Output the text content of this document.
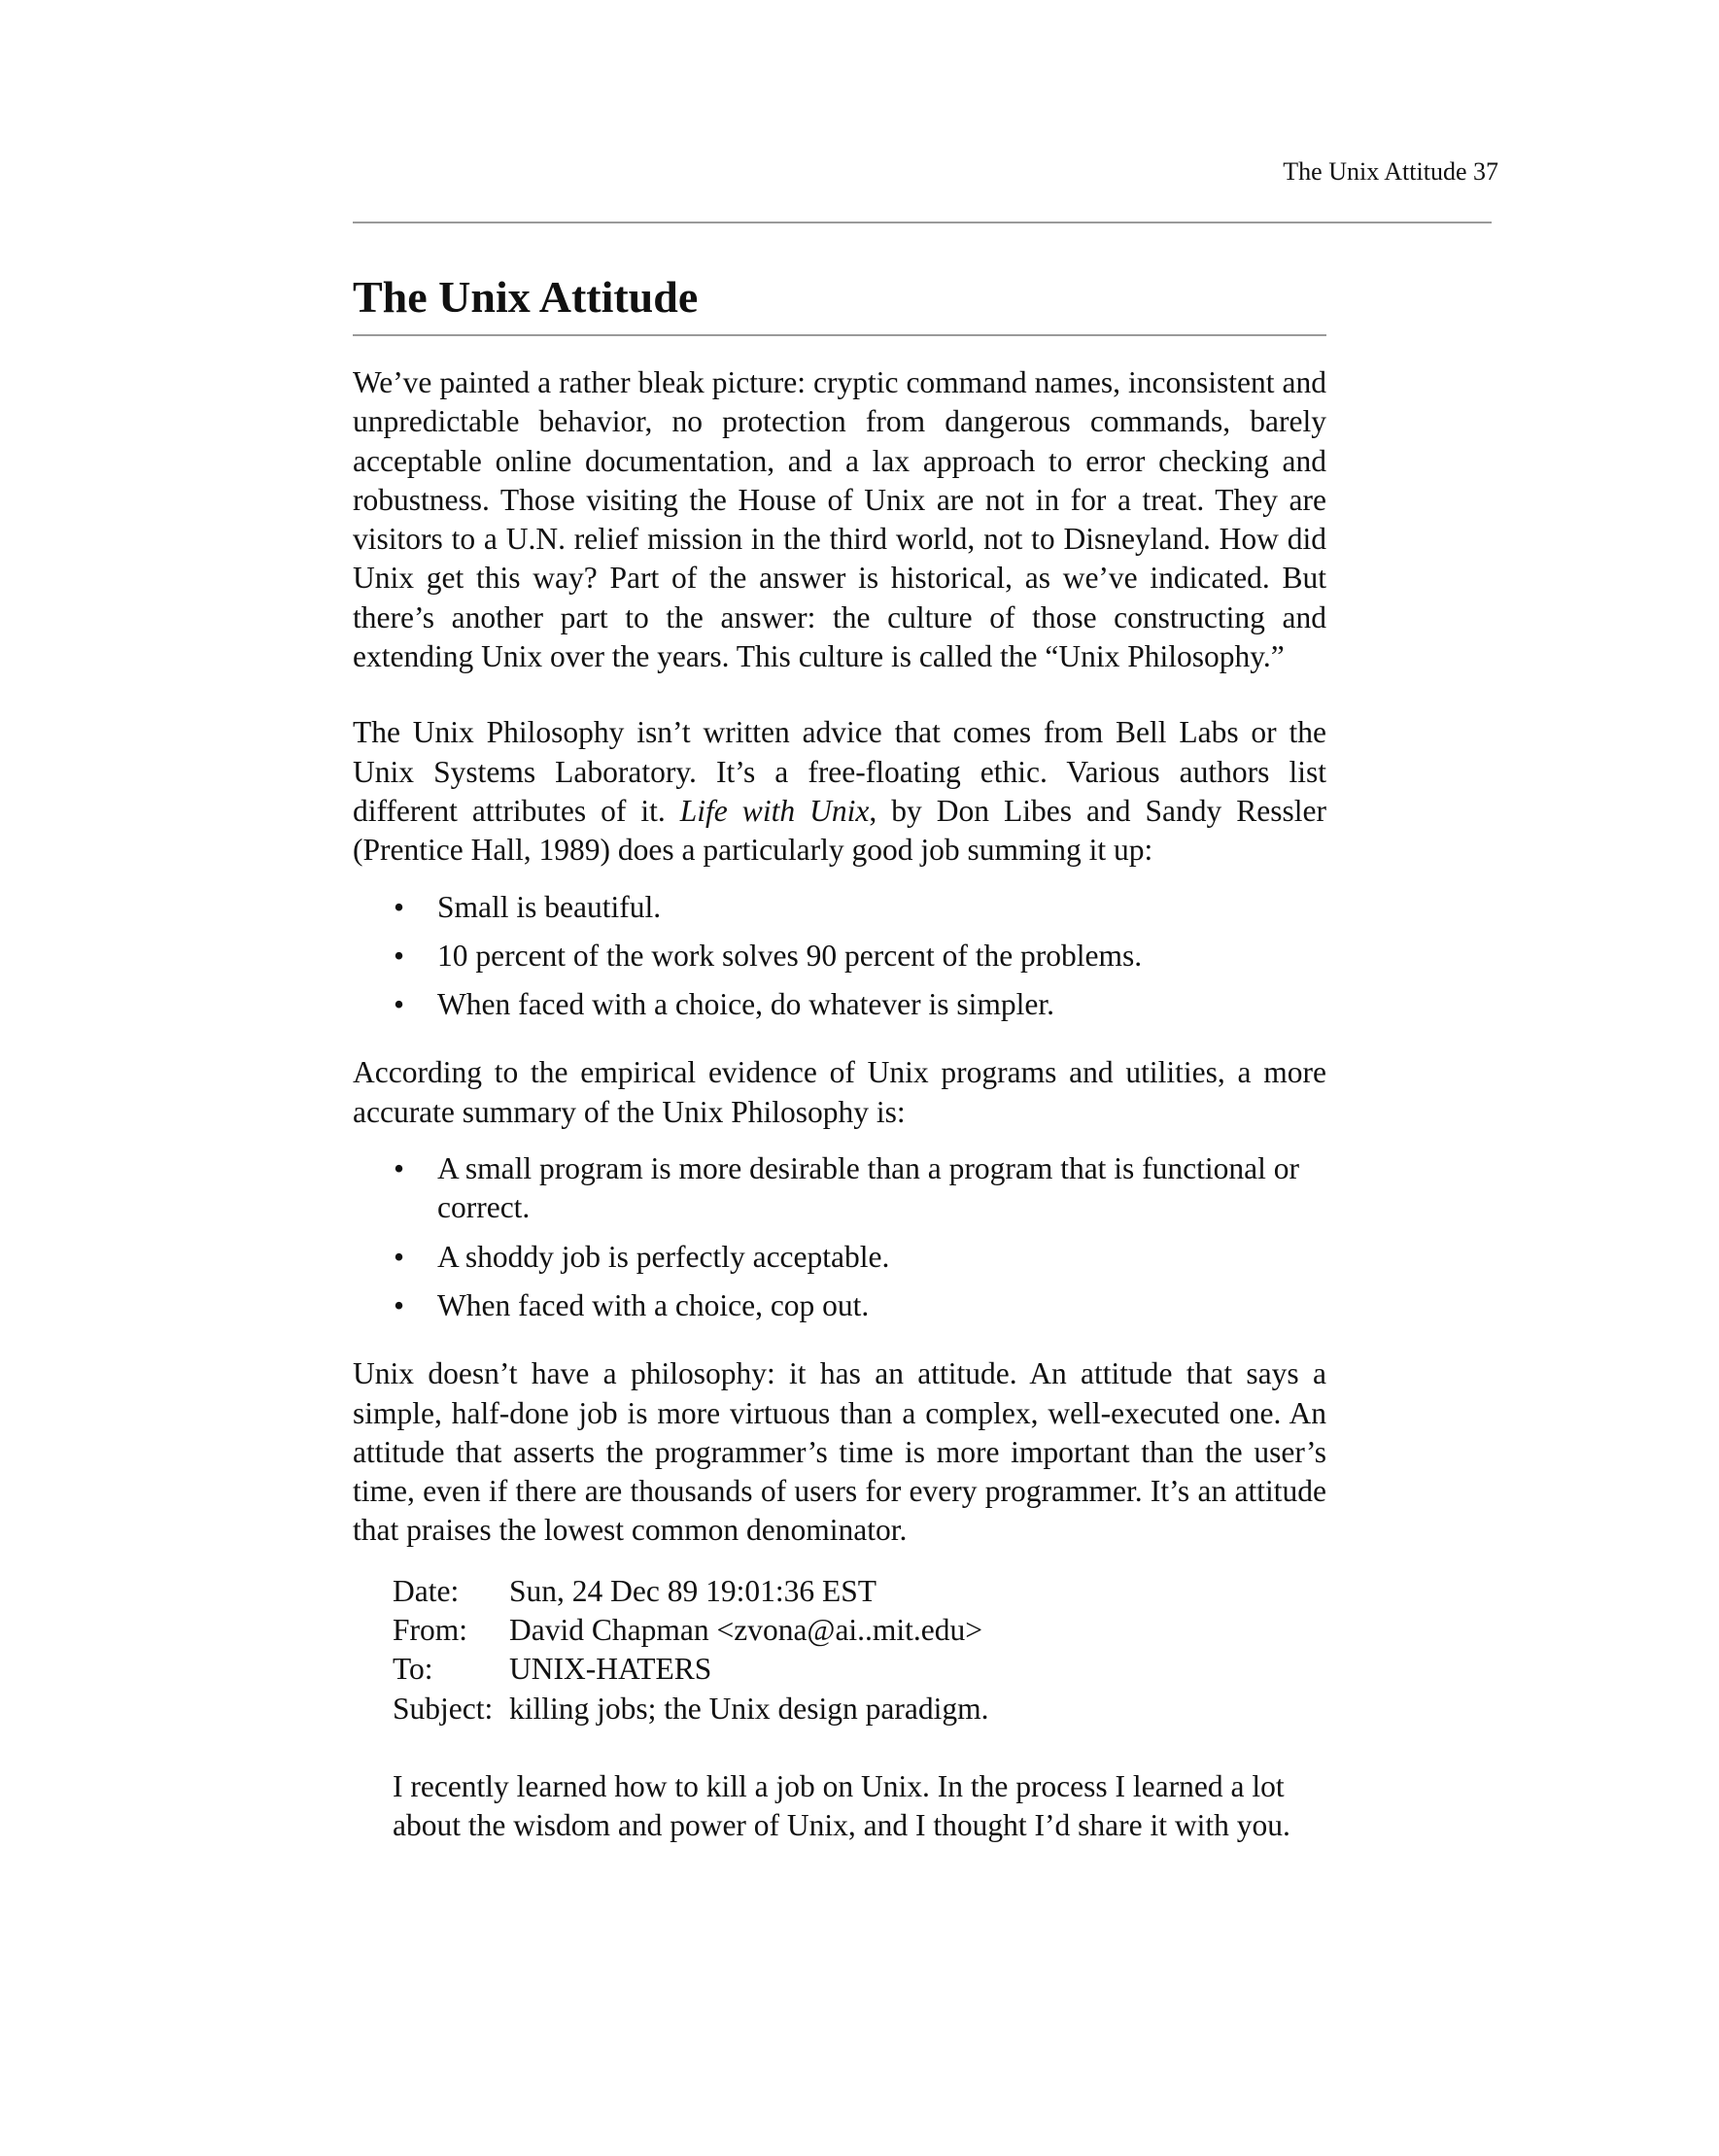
The Unix Attitude 37
The Unix Attitude

We’ve painted a rather bleak picture: cryptic command names, inconsistent and unpredictable behavior, no protection from dangerous commands, barely acceptable online documentation, and a lax approach to error checking and robustness. Those visiting the House of Unix are not in for a treat. They are visitors to a U.N. relief mission in the third world, not to Disneyland. How did Unix get this way? Part of the answer is historical, as we’ve indicated. But there’s another part to the answer: the culture of those constructing and extending Unix over the years. This culture is called the “Unix Philosophy.”

The Unix Philosophy isn’t written advice that comes from Bell Labs or the Unix Systems Laboratory. It’s a free-floating ethic. Various authors list different attributes of it. Life with Unix, by Don Libes and Sandy Ressler (Prentice Hall, 1989) does a particularly good job summing it up:

• Small is beautiful.
• 10 percent of the work solves 90 percent of the problems.
• When faced with a choice, do whatever is simpler.

According to the empirical evidence of Unix programs and utilities, a more accurate summary of the Unix Philosophy is:

• A small program is more desirable than a program that is functional or correct.
• A shoddy job is perfectly acceptable.
• When faced with a choice, cop out.

Unix doesn’t have a philosophy: it has an attitude. An attitude that says a simple, half-done job is more virtuous than a complex, well-executed one. An attitude that asserts the programmer’s time is more important than the user’s time, even if there are thousands of users for every programmer. It’s an attitude that praises the lowest common denominator.

Date:	Sun, 24 Dec 89 19:01:36 EST
From:	David Chapman <zvona@ai..mit.edu>
To:	UNIX-HATERS
Subject: killing jobs; the Unix design paradigm.
I recently learned how to kill a job on Unix. In the process I learned a lot about the wisdom and power of Unix, and I thought I’d share it with you.
